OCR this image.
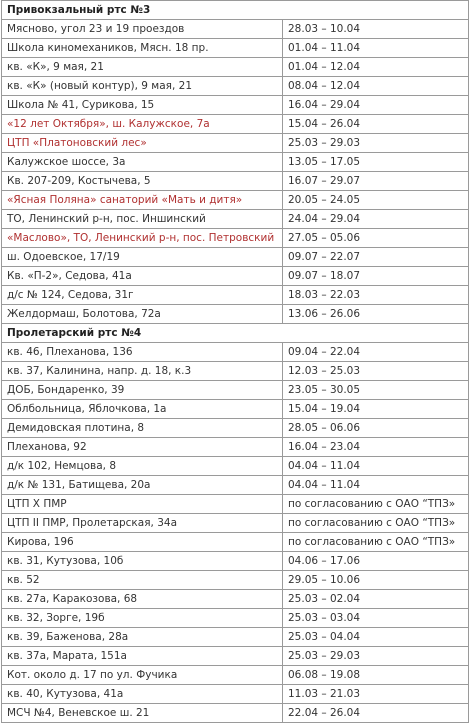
Привокзальный ртс №3	
Мясново, угол 23 и 19 проездов	28.03 – 10.04
Школа киномехаников, Мясн. 18 пр.	01.04 – 11.04
кв. «К», 9 мая, 21	01.04 – 12.04
кв. «К» (новый контур), 9 мая, 21	08.04 – 12.04
Школа № 41, Сурикова, 15	16.04 – 29.04
«12 лет Октября», ш. Калужское, 7а	15.04 – 26.04
ЦТП «Платоновский лес»	25.03 – 29.03
Калужское шоссе, 3а	13.05 – 17.05
Кв. 207-209, Костычева, 5	16.07 – 29.07
«Ясная Поляна» санаторий «Мать и дитя»	20.05 – 24.05
ТО, Ленинский р-н, пос. Иншинский	24.04 – 29.04
«Маслово», ТО, Ленинский р-н, пос. Петровский	27.05 – 05.06
ш. Одоевское, 17/19	09.07 – 22.07
Кв. «П-2», Седова, 41а	09.07 – 18.07
д/с № 124, Седова, 31г	18.03 – 22.03
Желдормаш, Болотова, 72а	13.06 – 26.06
Пролетарский ртс №4	
кв. 46, Плеханова, 136	09.04 – 22.04
кв. 37, Калинина, напр. д. 18, к.3	12.03 – 25.03
ДОБ, Бондаренко, 39	23.05 – 30.05
Облбольница, Яблочкова, 1а	15.04 – 19.04
Демидовская плотина, 8	28.05 – 06.06
Плеханова, 92	16.04 – 23.04
д/к 102, Немцова, 8	04.04 – 11.04
д/к № 131, Батищева, 20а	04.04 – 11.04
ЦТП Х ПМР	по согласованию с ОАО “ТПЗ»
ЦТП II ПМР, Пролетарская, 34а	по согласованию с ОАО “ТПЗ»
Кирова, 196	по согласованию с ОАО “ТПЗ»
кв. 31, Кутузова, 10б	04.06 – 17.06
кв. 52	29.05 – 10.06
кв. 27а, Каракозова, 68	25.03 – 02.04
кв. 32, Зорге, 19б	25.03 – 03.04
кв. 39, Баженова, 28а	25.03 – 04.04
кв. 37а, Марата, 151а	25.03 – 29.03
Кот. около д. 17 по ул. Фучика	06.08 – 19.08
кв. 40, Кутузова, 41а	11.03 – 21.03
МСЧ №4, Веневское ш. 21	22.04 – 26.04
